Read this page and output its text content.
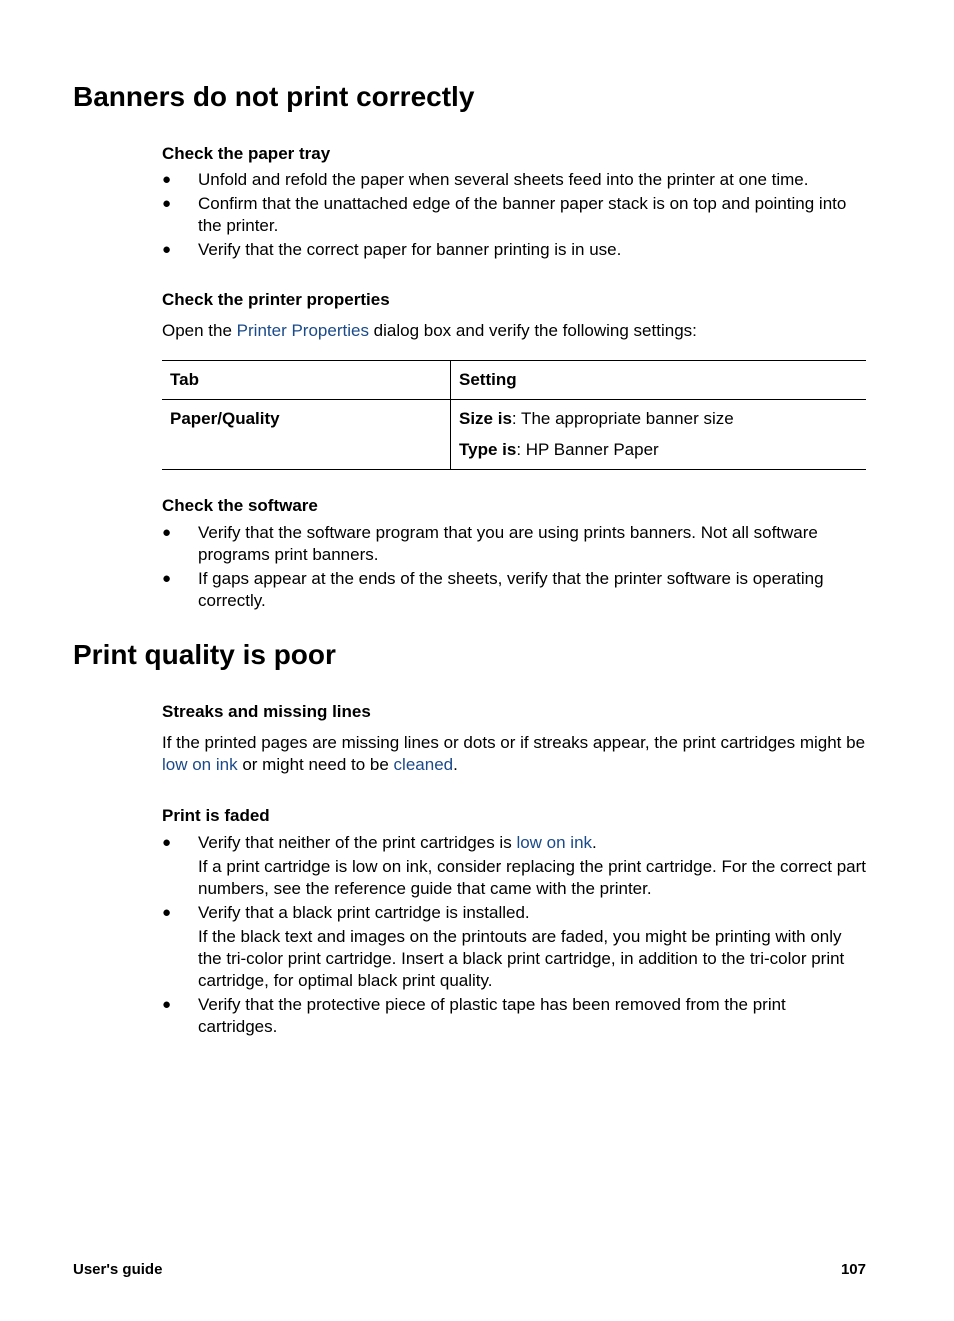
Banners do not print correctly
Check the paper tray
● Unfold and refold the paper when several sheets feed into the printer at one time.
● Confirm that the unattached edge of the banner paper stack is on top and pointing into the printer.
● Verify that the correct paper for banner printing is in use.
Check the printer properties

Open the Printer Properties dialog box and verify the following settings:

Tab	Setting
Paper/Quality	Size is: The appropriate banner size
Type is: HP Banner Paper
Check the software
● Verify that the software program that you are using prints banners. Not all software programs print banners.
● If gaps appear at the ends of the sheets, verify that the printer software is operating correctly.
Print quality is poor
Streaks and missing lines

If the printed pages are missing lines or dots or if streaks appear, the print cartridges might be low on ink or might need to be cleaned.

Print is faded
● Verify that neither of the print cartridges is low on ink.
If a print cartridge is low on ink, consider replacing the print cartridge. For the correct part numbers, see the reference guide that came with the printer.
● Verify that a black print cartridge is installed.
If the black text and images on the printouts are faded, you might be printing with only the tri-color print cartridge. Insert a black print cartridge, in addition to the tri-color print cartridge, for optimal black print quality.
● Verify that the protective piece of plastic tape has been removed from the print cartridges.
User's guide	107
